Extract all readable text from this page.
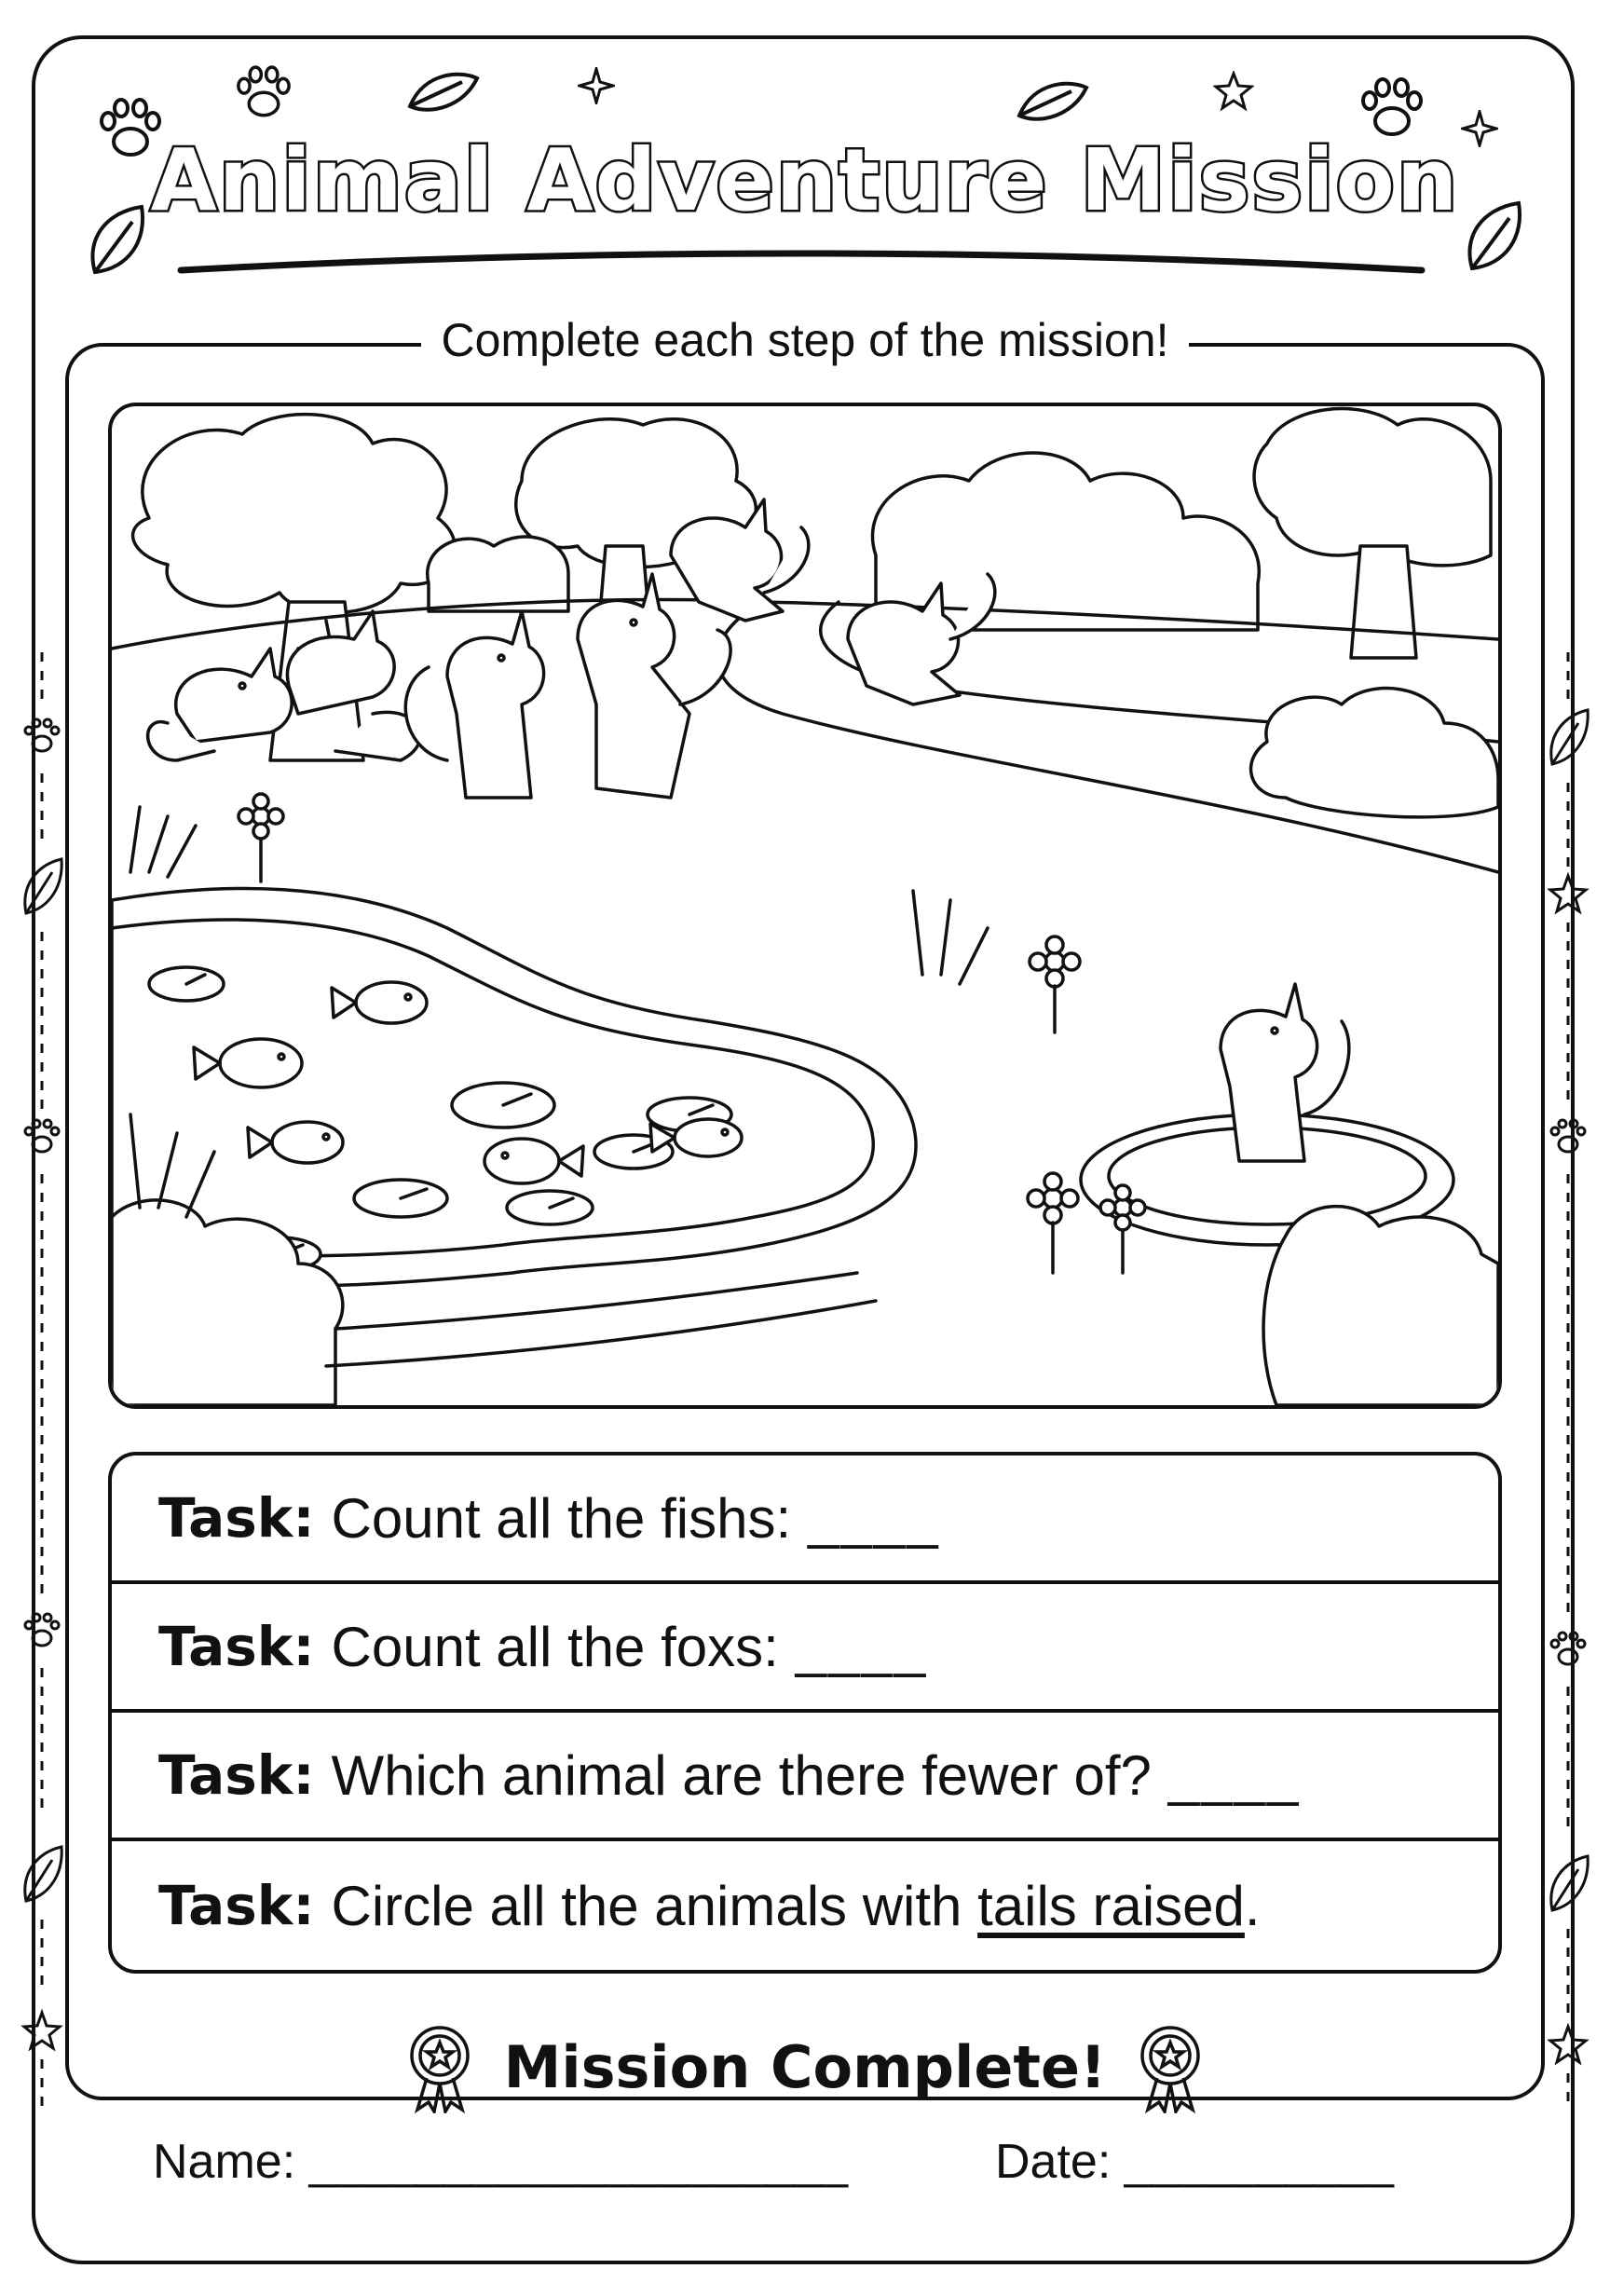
Animal Adventure Mission
Complete each step of the mission!
Task: Count all the fishs: ____
Task: Count all the foxs: ____
Task: Which animal are there fewer of? ____
Task: Circle all the animals with
tails raised .
Mission Complete!
Name: ____________________	Date: __________
